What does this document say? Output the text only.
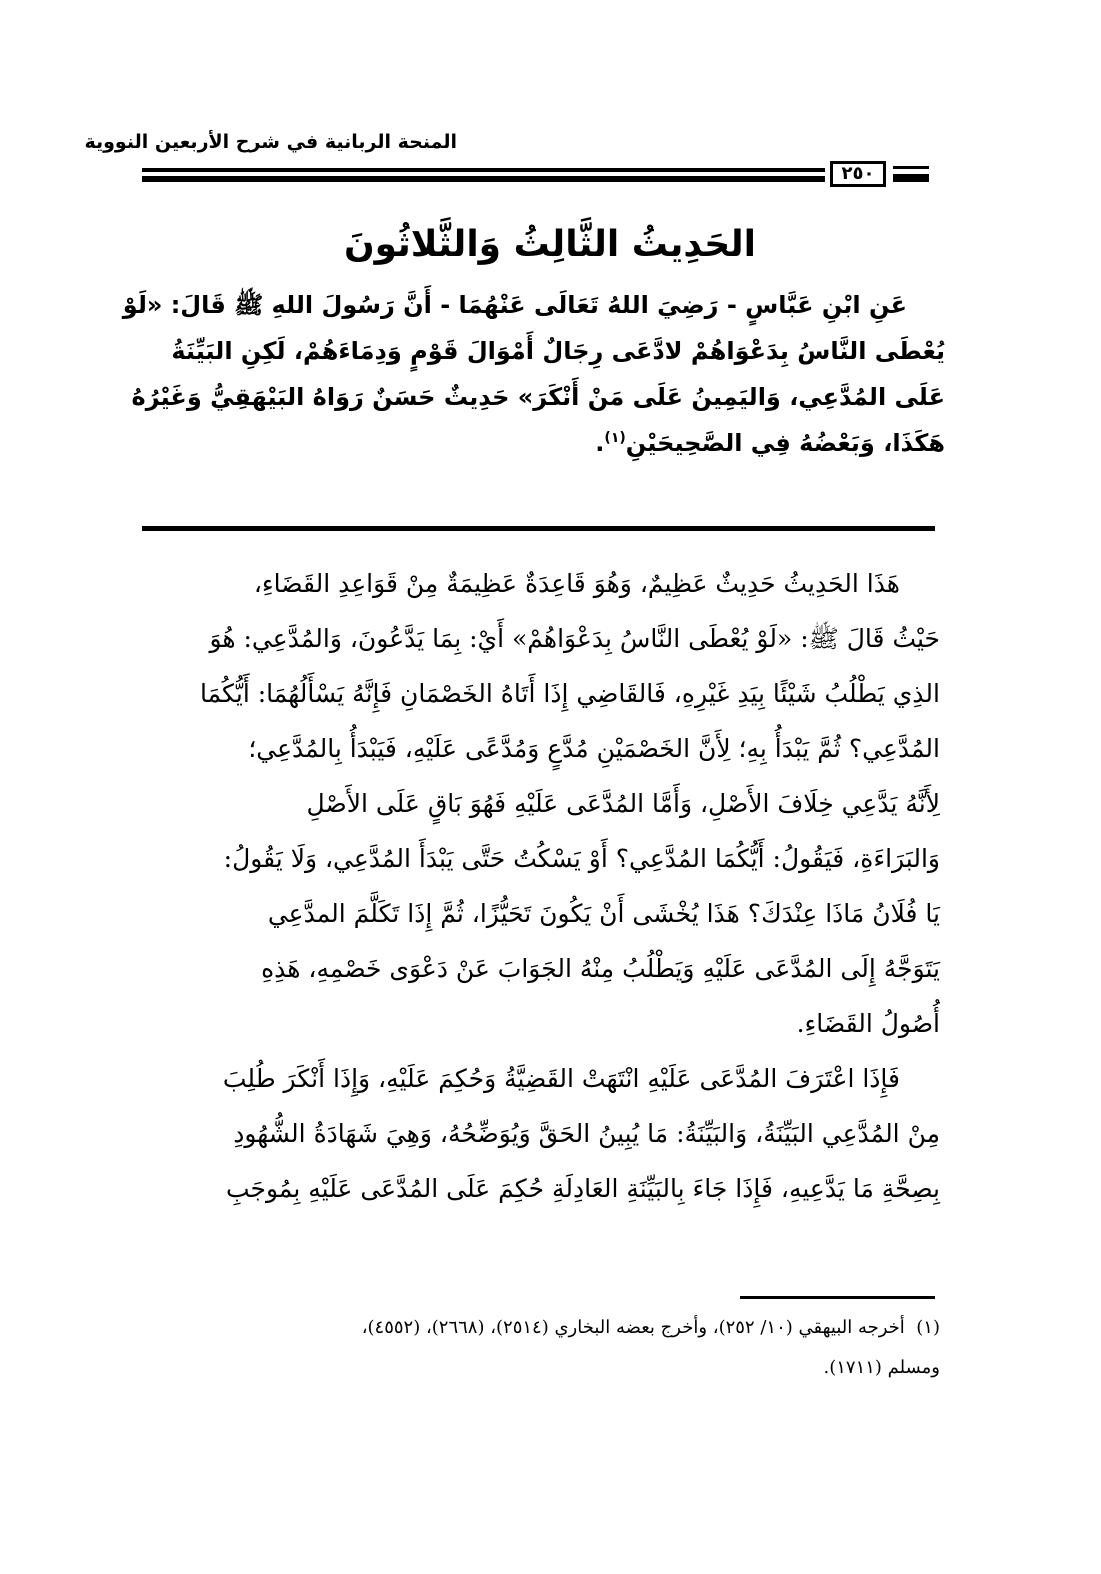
المنحة الربانية في شرح الأربعين النووية
٢٥٠
الحَدِيثُ الثَّالِثُ وَالثَّلاثُونَ
عَنِ ابْنِ عَبَّاسٍ - رَضِيَ اللهُ تَعَالَى عَنْهُمَا - أَنَّ رَسُولَ اللهِ ﷺ قَالَ: «لَوْ
يُعْطَى النَّاسُ بِدَعْوَاهُمْ لادَّعَى رِجَالٌ أَمْوَالَ قَوْمٍ وَدِمَاءَهُمْ، لَكِنِ البَيِّنَةُ
عَلَى المُدَّعِي، وَاليَمِينُ عَلَى مَنْ أَنْكَرَ» حَدِيثٌ حَسَنٌ رَوَاهُ البَيْهَقِيُّ وَغَيْرُهُ
هَكَذَا، وَبَعْضُهُ فِي الصَّحِيحَيْنِ$^{(١)}$.
هَذَا الحَدِيثُ حَدِيثٌ عَظِيمٌ، وَهُوَ قَاعِدَةٌ عَظِيمَةٌ مِنْ قَوَاعِدِ القَضَاءِ،
حَيْثُ قَالَ ﷺ: «لَوْ يُعْطَى النَّاسُ بِدَعْوَاهُمْ» أَيْ: بِمَا يَدَّعُونَ، وَالمُدَّعِي: هُوَ
الذِي يَطْلُبُ شَيْئًا بِيَدِ غَيْرِهِ، فَالقَاضِي إِذَا أَتَاهُ الخَصْمَانِ فَإِنَّهُ يَسْأَلُهُمَا: أَيُّكُمَا
المُدَّعِي؟ ثُمَّ يَبْدَأُ بِهِ؛ لِأَنَّ الخَصْمَيْنِ مُدَّعٍ وَمُدَّعًى عَلَيْهِ، فَيَبْدَأُ بِالمُدَّعِي؛
لِأَنَّهُ يَدَّعِي خِلَافَ الأَصْلِ، وَأَمَّا المُدَّعَى عَلَيْهِ فَهُوَ بَاقٍ عَلَى الأَصْلِ
وَالبَرَاءَةِ، فَيَقُولُ: أَيُّكُمَا المُدَّعِي؟ أَوْ يَسْكُتُ حَتَّى يَبْدَأَ المُدَّعِي، وَلَا يَقُولُ:
يَا فُلَانُ مَاذَا عِنْدَكَ؟ هَذَا يُخْشَى أَنْ يَكُونَ تَحَيُّزًا، ثُمَّ إِذَا تَكَلَّمَ المدَّعِي
يَتَوَجَّهُ إِلَى المُدَّعَى عَلَيْهِ وَيَطْلُبُ مِنْهُ الجَوَابَ عَنْ دَعْوَى خَصْمِهِ، هَذِهِ
أُصُولُ القَضَاءِ.
فَإِذَا اعْتَرَفَ المُدَّعَى عَلَيْهِ انْتَهَتْ القَضِيَّةُ وَحُكِمَ عَلَيْهِ، وَإِذَا أَنْكَرَ طُلِبَ
مِنْ المُدَّعِي البَيِّنَةُ، وَالبَيِّنَةُ: مَا يُبِينُ الحَقَّ وَيُوَضِّحُهُ، وَهِيَ شَهَادَةُ الشُّهُودِ
بِصِحَّةِ مَا يَدَّعِيهِ، فَإِذَا جَاءَ بِالبَيِّنَةِ العَادِلَةِ حُكِمَ عَلَى المُدَّعَى عَلَيْهِ بِمُوجَبِ
(١)  أخرجه البيهقي (١٠/ ٢٥٢)، وأخرج بعضه البخاري (٢٥١٤)، (٢٦٦٨)، (٤٥٥٢)،
ومسلم (١٧١١).
